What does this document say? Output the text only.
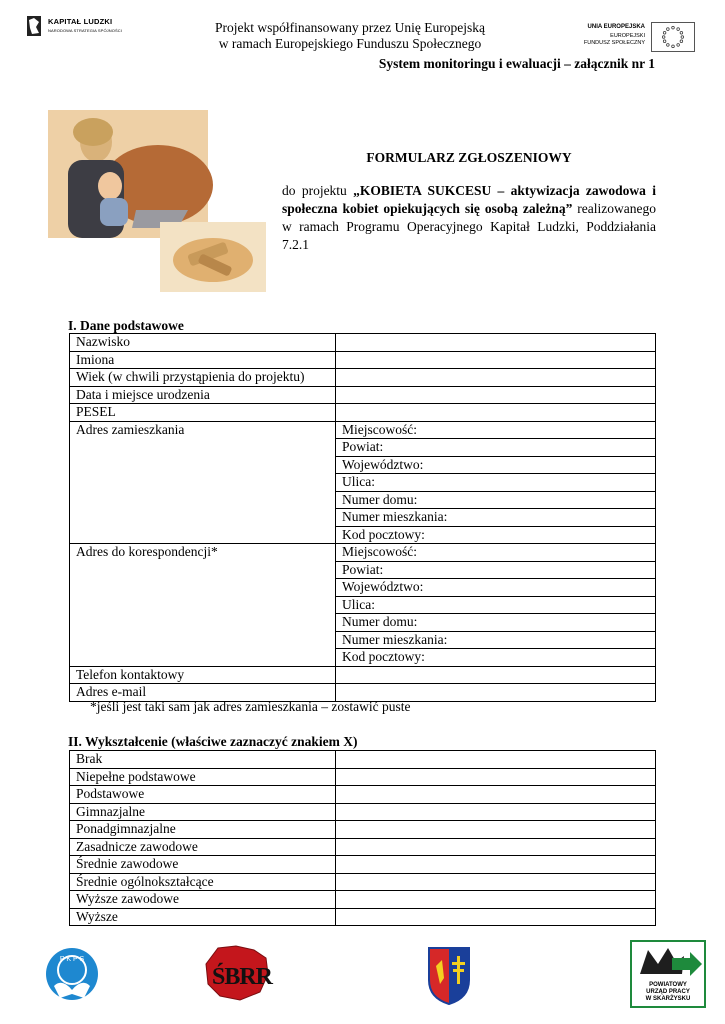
KAPITAŁ LUDZKI
NARODOWA STRATEGIA SPÓJNOŚCI	Projekt współfinansowany przez Unię Europejską
w ramach Europejskiego Funduszu Społecznego
UNIA EUROPEJSKA
EUROPEJSKI
FUNDUSZ SPOŁECZNY
System monitoringu i ewaluacji – załącznik nr 1
FORMULARZ ZGŁOSZENIOWY
do projektu „KOBIETA SUKCESU – aktywizacja zawodowa i społeczna kobiet opiekujących się osobą zależną” realizowanego w ramach Programu Operacyjnego Kapitał Ludzki, Poddziałania 7.2.1
I. Dane podstawowe
Nazwisko	
Imiona	
Wiek (w chwili przystąpienia do projektu)	
Data i miejsce urodzenia	
PESEL	
Adres zamieszkania	Miejscowość:
	Powiat:
	Województwo:
	Ulica:
	Numer domu:
	Numer mieszkania:
	Kod pocztowy:
Adres do korespondencji*	Miejscowość:
	Powiat:
	Województwo:
	Ulica:
	Numer domu:
	Numer mieszkania:
	Kod pocztowy:
Telefon kontaktowy	
Adres e-mail	
*jeśli jest taki sam jak adres zamieszkania – zostawić puste
II. Wykształcenie (właściwe zaznaczyć znakiem X)
Brak	
Niepełne podstawowe	
Podstawowe	
Gimnazjalne	
Ponadgimnazjalne	
Zasadnicze zawodowe	
Średnie zawodowe	
Średnie ogólnokształcące	
Wyższe zawodowe	
Wyższe	
P K P S
ŚBRR	POWIATOWY
URZĄD PRACY
W SKARŻYSKU
